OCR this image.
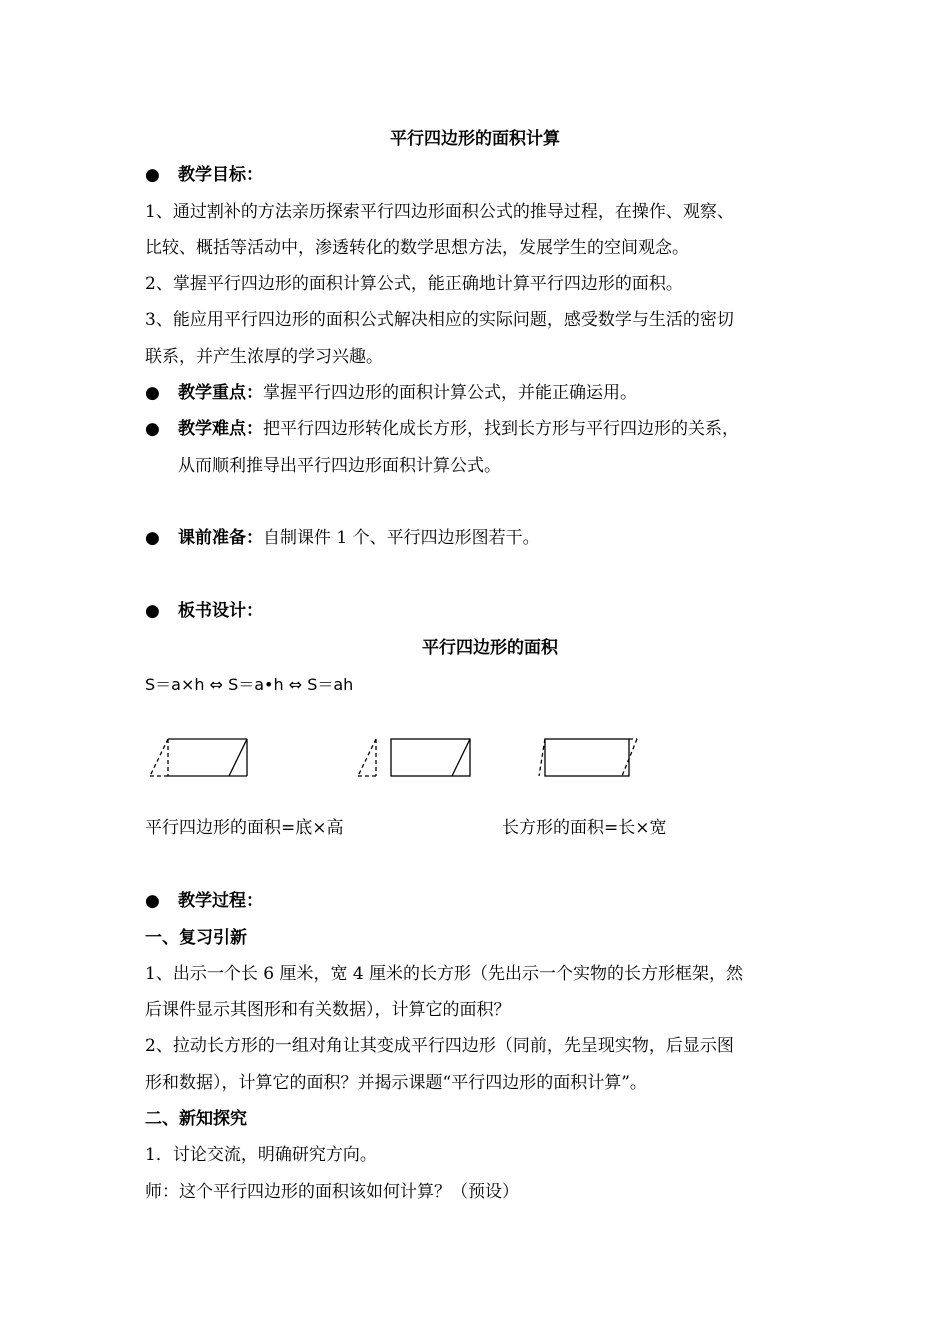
平行四边形的面积计算
● 教学目标：
1、通过割补的方法亲历探索平行四边形面积公式的推导过程，在操作、观察、
比较、概括等活动中，渗透转化的数学思想方法，发展学生的空间观念。
2、掌握平行四边形的面积计算公式，能正确地计算平行四边形的面积。
3、能应用平行四边形的面积公式解决相应的实际问题，感受数学与生活的密切
联系，并产生浓厚的学习兴趣。
● 教学重点：掌握平行四边形的面积计算公式，并能正确运用。
● 教学难点：把平行四边形转化成长方形，找到长方形与平行四边形的关系，
从而顺利推导出平行四边形面积计算公式。
● 课前准备：自制课件 1 个、平行四边形图若干。
● 板书设计：
平行四边形的面积
S＝a×h ⇔ S＝a•h ⇔ S＝ah
平行四边形的面积=底×高	长方形的面积=长×宽
● 教学过程：
一、复习引新
1、出示一个长 6 厘米，宽 4 厘米的长方形（先出示一个实物的长方形框架，然
后课件显示其图形和有关数据），计算它的面积？
2、拉动长方形的一组对角让其变成平行四边形（同前，先呈现实物，后显示图
形和数据），计算它的面积？并揭示课题“平行四边形的面积计算”。
二、新知探究
1．讨论交流，明确研究方向。
师：这个平行四边形的面积该如何计算？（预设）
